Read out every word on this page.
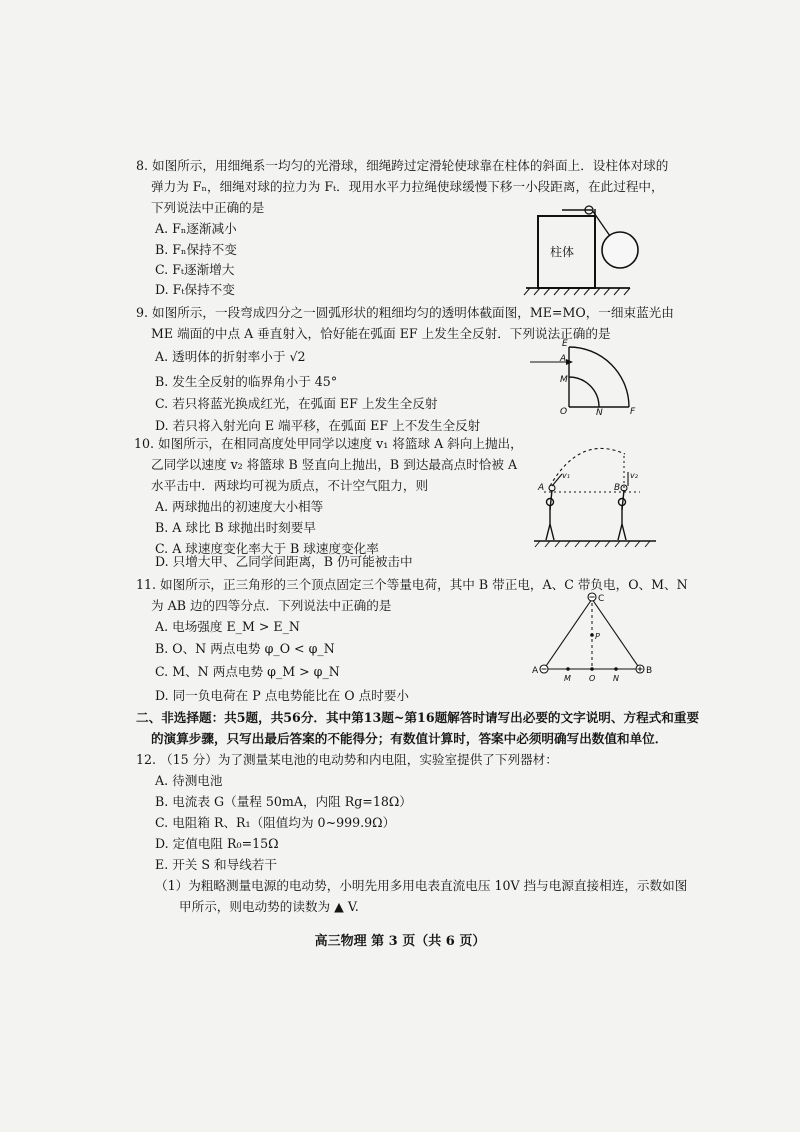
8. 如图所示，用细绳系一均匀的光滑球，细绳跨过定滑轮使球靠在柱体的斜面上．设柱体对球的
弹力为 Fₙ，细绳对球的拉力为 Fₜ．现用水平力拉绳使球缓慢下移一小段距离，在此过程中，
下列说法中正确的是
A. Fₙ逐渐减小
B. Fₙ保持不变
C. Fₜ逐渐增大
D. Fₜ保持不变
柱体
9. 如图所示，一段弯成四分之一圆弧形状的粗细均匀的透明体截面图，ME=MO，一细束蓝光由
ME 端面的中点 A 垂直射入，恰好能在弧面 EF 上发生全反射．下列说法正确的是
A. 透明体的折射率小于 √2
B. 发生全反射的临界角小于 45°
C. 若只将蓝光换成红光，在弧面 EF 上发生全反射
D. 若只将入射光向 E 端平移，在弧面 EF 上不发生全反射
E
A
M
O	N	F
10. 如图所示，在相同高度处甲同学以速度 v₁ 将篮球 A 斜向上抛出，
乙同学以速度 v₂ 将篮球 B 竖直向上抛出，B 到达最高点时恰被 A
水平击中．两球均可视为质点，不计空气阻力，则
A. 两球抛出的初速度大小相等
B. A 球比 B 球抛出时刻要早
C. A 球速度变化率大于 B 球速度变化率
D. 只增大甲、乙同学间距离，B 仍可能被击中
A	B
v₁	v₂
11. 如图所示，正三角形的三个顶点固定三个等量电荷，其中 B 带正电，A、C 带负电，O、M、N
为 AB 边的四等分点．下列说法中正确的是
A. 电场强度 E_M > E_N
B. O、N 两点电势 φ_O < φ_N
C. M、N 两点电势 φ_M > φ_N
D. 同一负电荷在 P 点电势能比在 O 点时要小
C
A	B
M O N
P
二、非选择题：共5题，共56分．其中第13题~第16题解答时请写出必要的文字说明、方程式和重要
的演算步骤，只写出最后答案的不能得分；有数值计算时，答案中必须明确写出数值和单位．
12. （15 分）为了测量某电池的电动势和内电阻，实验室提供了下列器材：
A. 待测电池
B. 电流表 G（量程 50mA，内阻 Rg=18Ω）
C. 电阻箱 R、R₁（阻值均为 0~999.9Ω）
D. 定值电阻 R₀=15Ω
E. 开关 S 和导线若干
（1）为粗略测量电源的电动势，小明先用多用电表直流电压 10V 挡与电源直接相连，示数如图
甲所示，则电动势的读数为 ▲ V.
高三物理 第 3 页（共 6 页）
